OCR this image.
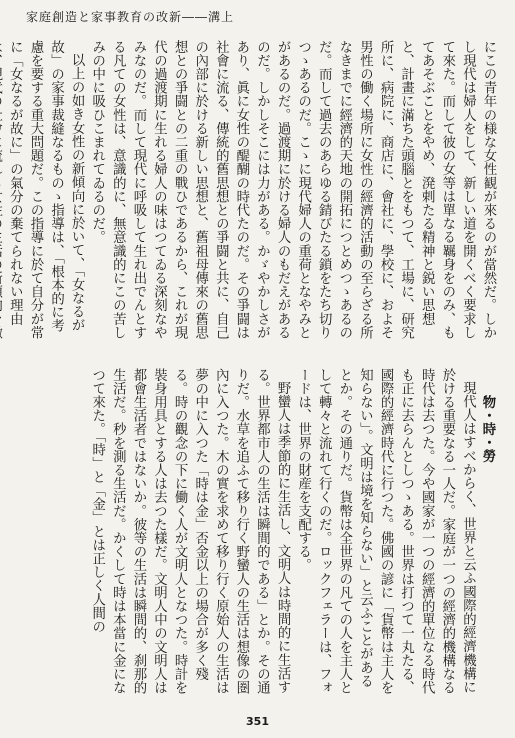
家庭創造と家事教育の改新――溝上

にこの青年の様な女性観が來るのが當然だ。しかし現代は婦人をして、新しい道を開くべく要求して來た。而して彼の女等は單なる羈身をのみ、もてあそぶことをやめ、溌剌たる精神と鋭い思想と、計畫に滿ちた頭腦とをもつて、工場に、研究所に、病院に、商店に、會社に、學校に、およそ男性の働く場所に女性の經濟的活動の至らざる所なきまでに經濟的天地の開拓につとめつゝあるのだ。而して過去のあらゆる錆びたる鎖をたち切りつゝあるのだ。こゝに現代婦人の重荷となやみとがあるのだ。過渡期に於ける婦人のもだえがあるのだ。しかしそこには力がある。かゞやかしさがあり、眞に女性の醍醐の時代たのだ。その爭闘は社會に流る、傳統的舊思想との爭闘と共に、自己の內部に於ける新しい思想と、舊祖母傳來の舊思想との爭闘との二重の戰ひであるから、これが現代の過渡期に生れる婦人の味はつてゐる深刻なやみなのだ。而して現代に呼吸して生れ出でんとする凡ての女性は、意識的に、無意識的にこの苦しみの中に吸ひこまれてゐるのだ。

以上の如き女性の新傾向に於いて、「女なるが故」の家事裁縫なるものゝ指導は、「根本的に考慮を要する重大問題だ。この指導に於て自分が常に「女なるが故に」の氣分の棄てられない理由

物・時・勞

現代人はすべからく、世界と云ふ國際的經濟機構に於ける重要なる一人だ。家庭が一つの經濟的機構なる時代は去つた。今や國家が一つの經濟的單位なる時代も正に去らんとしつゝある。世界は打つて一丸たる、國際的經濟時代に行つた。佛國の諺に「貨幣は主人を知らない」。文明は境を知らない」と云ふことがあるとか。その通りだ。貨幣は全世界の凡ての人を主人として轉々と流れて行くのだ。ロックフェラーは、フォードは、世界の財産を支配する。

野蠻人は季節的に生活し、文明人は時間的に生活する。世界都市人の生活は瞬間的である」とか。その通りだ。水草を追ふて移り行く野蠻人の生活は想像の圏內に入つた。木の實を求めて移り行く原始人の生活は夢の中に入つた「時は金」否金以上の場合が多く殘る。時の觀念の下に働く人が文明人となつた。時計を裝身用具とする人は去つた樣だ。文明人中の文明人は都會生活者ではないか。彼等の生活は瞬間的、刹那的生活だ。秒を測る生活だ。かくして時は本當に金になつて來た。「時」と「金」とは正しく人間の

351
